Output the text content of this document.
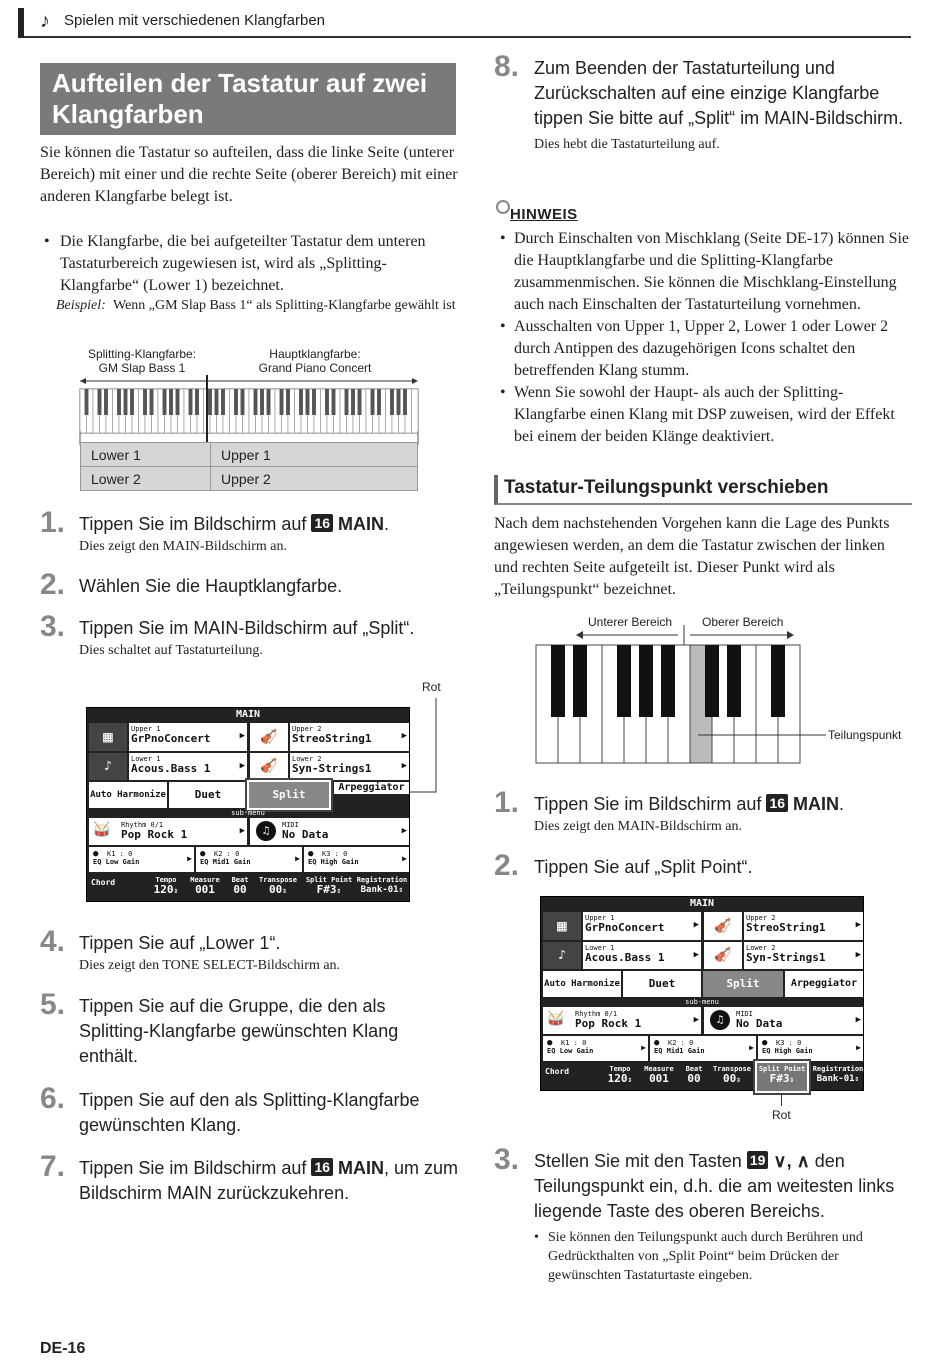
♪ Spielen mit verschiedenen Klangfarben
Aufteilen der Tastatur auf zwei Klangfarben
Sie können die Tastatur so aufteilen, dass die linke Seite (unterer Bereich) mit einer und die rechte Seite (oberer Bereich) mit einer anderen Klangfarbe belegt ist.
• Die Klangfarbe, die bei aufgeteilter Tastatur dem unteren Tastaturbereich zugewiesen ist, wird als „Splitting-Klangfarbe“ (Lower 1) bezeichnet.
Beispiel: Wenn „GM Slap Bass 1“ als Splitting-Klangfarbe gewählt ist
Splitting-Klangfarbe:
GM Slap Bass 1
Hauptklangfarbe:
Grand Piano Concert
Lower 1	Upper 1
Lower 2	Upper 2
1. Tippen Sie im Bildschirm auf 16 MAIN.
Dies zeigt den MAIN-Bildschirm an.
2. Wählen Sie die Hauptklangfarbe.
3. Tippen Sie im MAIN-Bildschirm auf „Split“.
Dies schaltet auf Tastaturteilung.
Rot
MAIN
▦	Upper 1
GrPnoConcert	▶	🎻	Upper 2
StreoString1	▶
♪	Lower 1
Acous.Bass 1	▶	🎻	Lower 2
Syn-Strings1	▶
Auto Harmonize	Duet	Split
Arpeggiator
sub-menu
🥁	Rhythm 0/1
Pop Rock 1	▶	♫	MIDI
No Data	▶
K1 : 0
EQ Low Gain
●	▶	K2 : 0
EQ Mid1 Gain
●	▶	K3 : 0
EQ High Gain
●	▶
Chord	Tempo
120⇕
Measure
001
Beat
00
Transpose
00⇕
Split Point
F#3⇕
Registration
Bank-01⇕
4. Tippen Sie auf „Lower 1“.
Dies zeigt den TONE SELECT-Bildschirm an.
5. Tippen Sie auf die Gruppe, die den als Splitting-Klangfarbe gewünschten Klang enthält.
6. Tippen Sie auf den als Splitting-Klangfarbe gewünschten Klang.
7. Tippen Sie im Bildschirm auf 16 MAIN, um zum Bildschirm MAIN zurückzukehren.
8. Zum Beenden der Tastaturteilung und Zurückschalten auf eine einzige Klangfarbe tippen Sie bitte auf „Split“ im MAIN-Bildschirm.
Dies hebt die Tastaturteilung auf.
HINWEIS
• Durch Einschalten von Mischklang (Seite DE-17) können Sie die Hauptklangfarbe und die Splitting-Klangfarbe zusammenmischen. Sie können die Mischklang-Einstellung auch nach Einschalten der Tastaturteilung vornehmen.
• Ausschalten von Upper 1, Upper 2, Lower 1 oder Lower 2 durch Antippen des dazugehörigen Icons schaltet den betreffenden Klang stumm.
• Wenn Sie sowohl der Haupt- als auch der Splitting-Klangfarbe einen Klang mit DSP zuweisen, wird der Effekt bei einem der beiden Klänge deaktiviert.
Tastatur-Teilungspunkt verschieben
Nach dem nachstehenden Vorgehen kann die Lage des Punkts angewiesen werden, an dem die Tastatur zwischen der linken und rechten Seite aufgeteilt ist. Dieser Punkt wird als „Teilungspunkt“ bezeichnet.
Unterer Bereich Oberer Bereich
Teilungspunkt
1. Tippen Sie im Bildschirm auf 16 MAIN.
Dies zeigt den MAIN-Bildschirm an.
2. Tippen Sie auf „Split Point“.
MAIN
▦	Upper 1
GrPnoConcert	▶	🎻	Upper 2
StreoString1	▶
♪	Lower 1
Acous.Bass 1	▶	🎻	Lower 2
Syn-Strings1	▶
Auto Harmonize	Duet	Split	Arpeggiator
sub-menu
🥁	Rhythm 0/1
Pop Rock 1	▶	♫	MIDI
No Data	▶
K1 : 0
EQ Low Gain
●	▶	K2 : 0
EQ Mid1 Gain
●	▶	K3 : 0
EQ High Gain
●	▶
Chord	Tempo
120⇕
Measure
001
Beat
00
Transpose
00⇕
Split Point
F#3⇕
Registration
Bank-01⇕
Rot
3. Stellen Sie mit den Tasten 19 ∨, ∧ den Teilungspunkt ein, d.h. die am weitesten links liegende Taste des oberen Bereichs.
• Sie können den Teilungspunkt auch durch Berühren und Gedrückthalten von „Split Point“ beim Drücken der gewünschten Tastaturtaste eingeben.
DE-16
